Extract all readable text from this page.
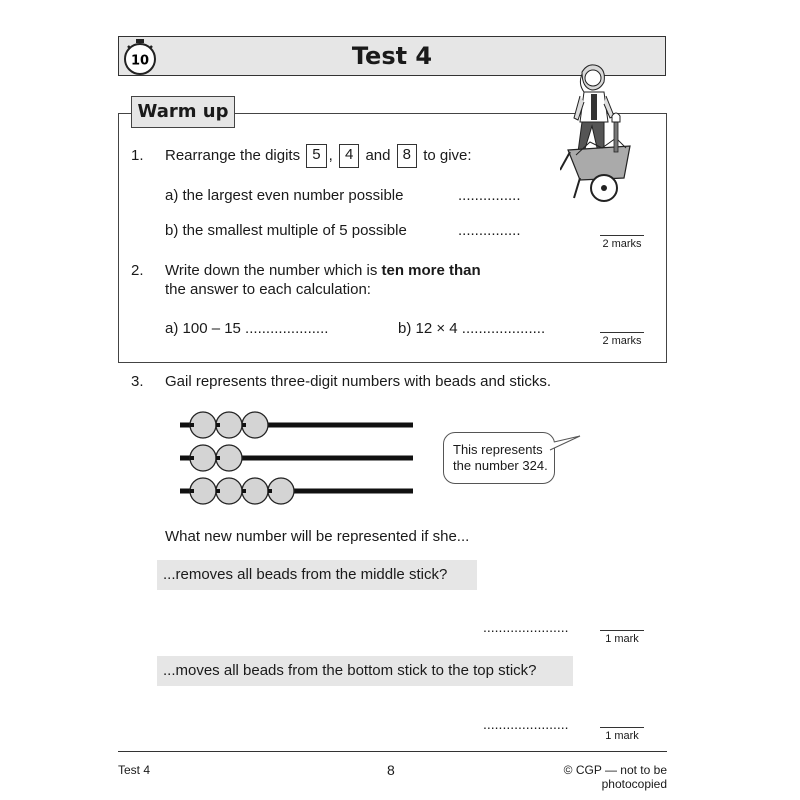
Test 4
10
Warm up
1. Rearrange the digits 5 , 4 and 8 to give:
a) the largest even number possible	...............
b) the smallest multiple of 5 possible	...............
2 marks
2. Write down the number which is ten more than
the answer to each calculation:
a) 100 – 15 ....................	b) 12 × 4 ....................
2 marks
3. Gail represents three-digit numbers with beads and sticks.
This represents
the number 324.
What new number will be represented if she...
...removes all beads from the middle stick?
......................
1 mark
...moves all beads from the bottom stick to the top stick?
......................
1 mark
Test 4	8	© CGP — not to be photocopied
